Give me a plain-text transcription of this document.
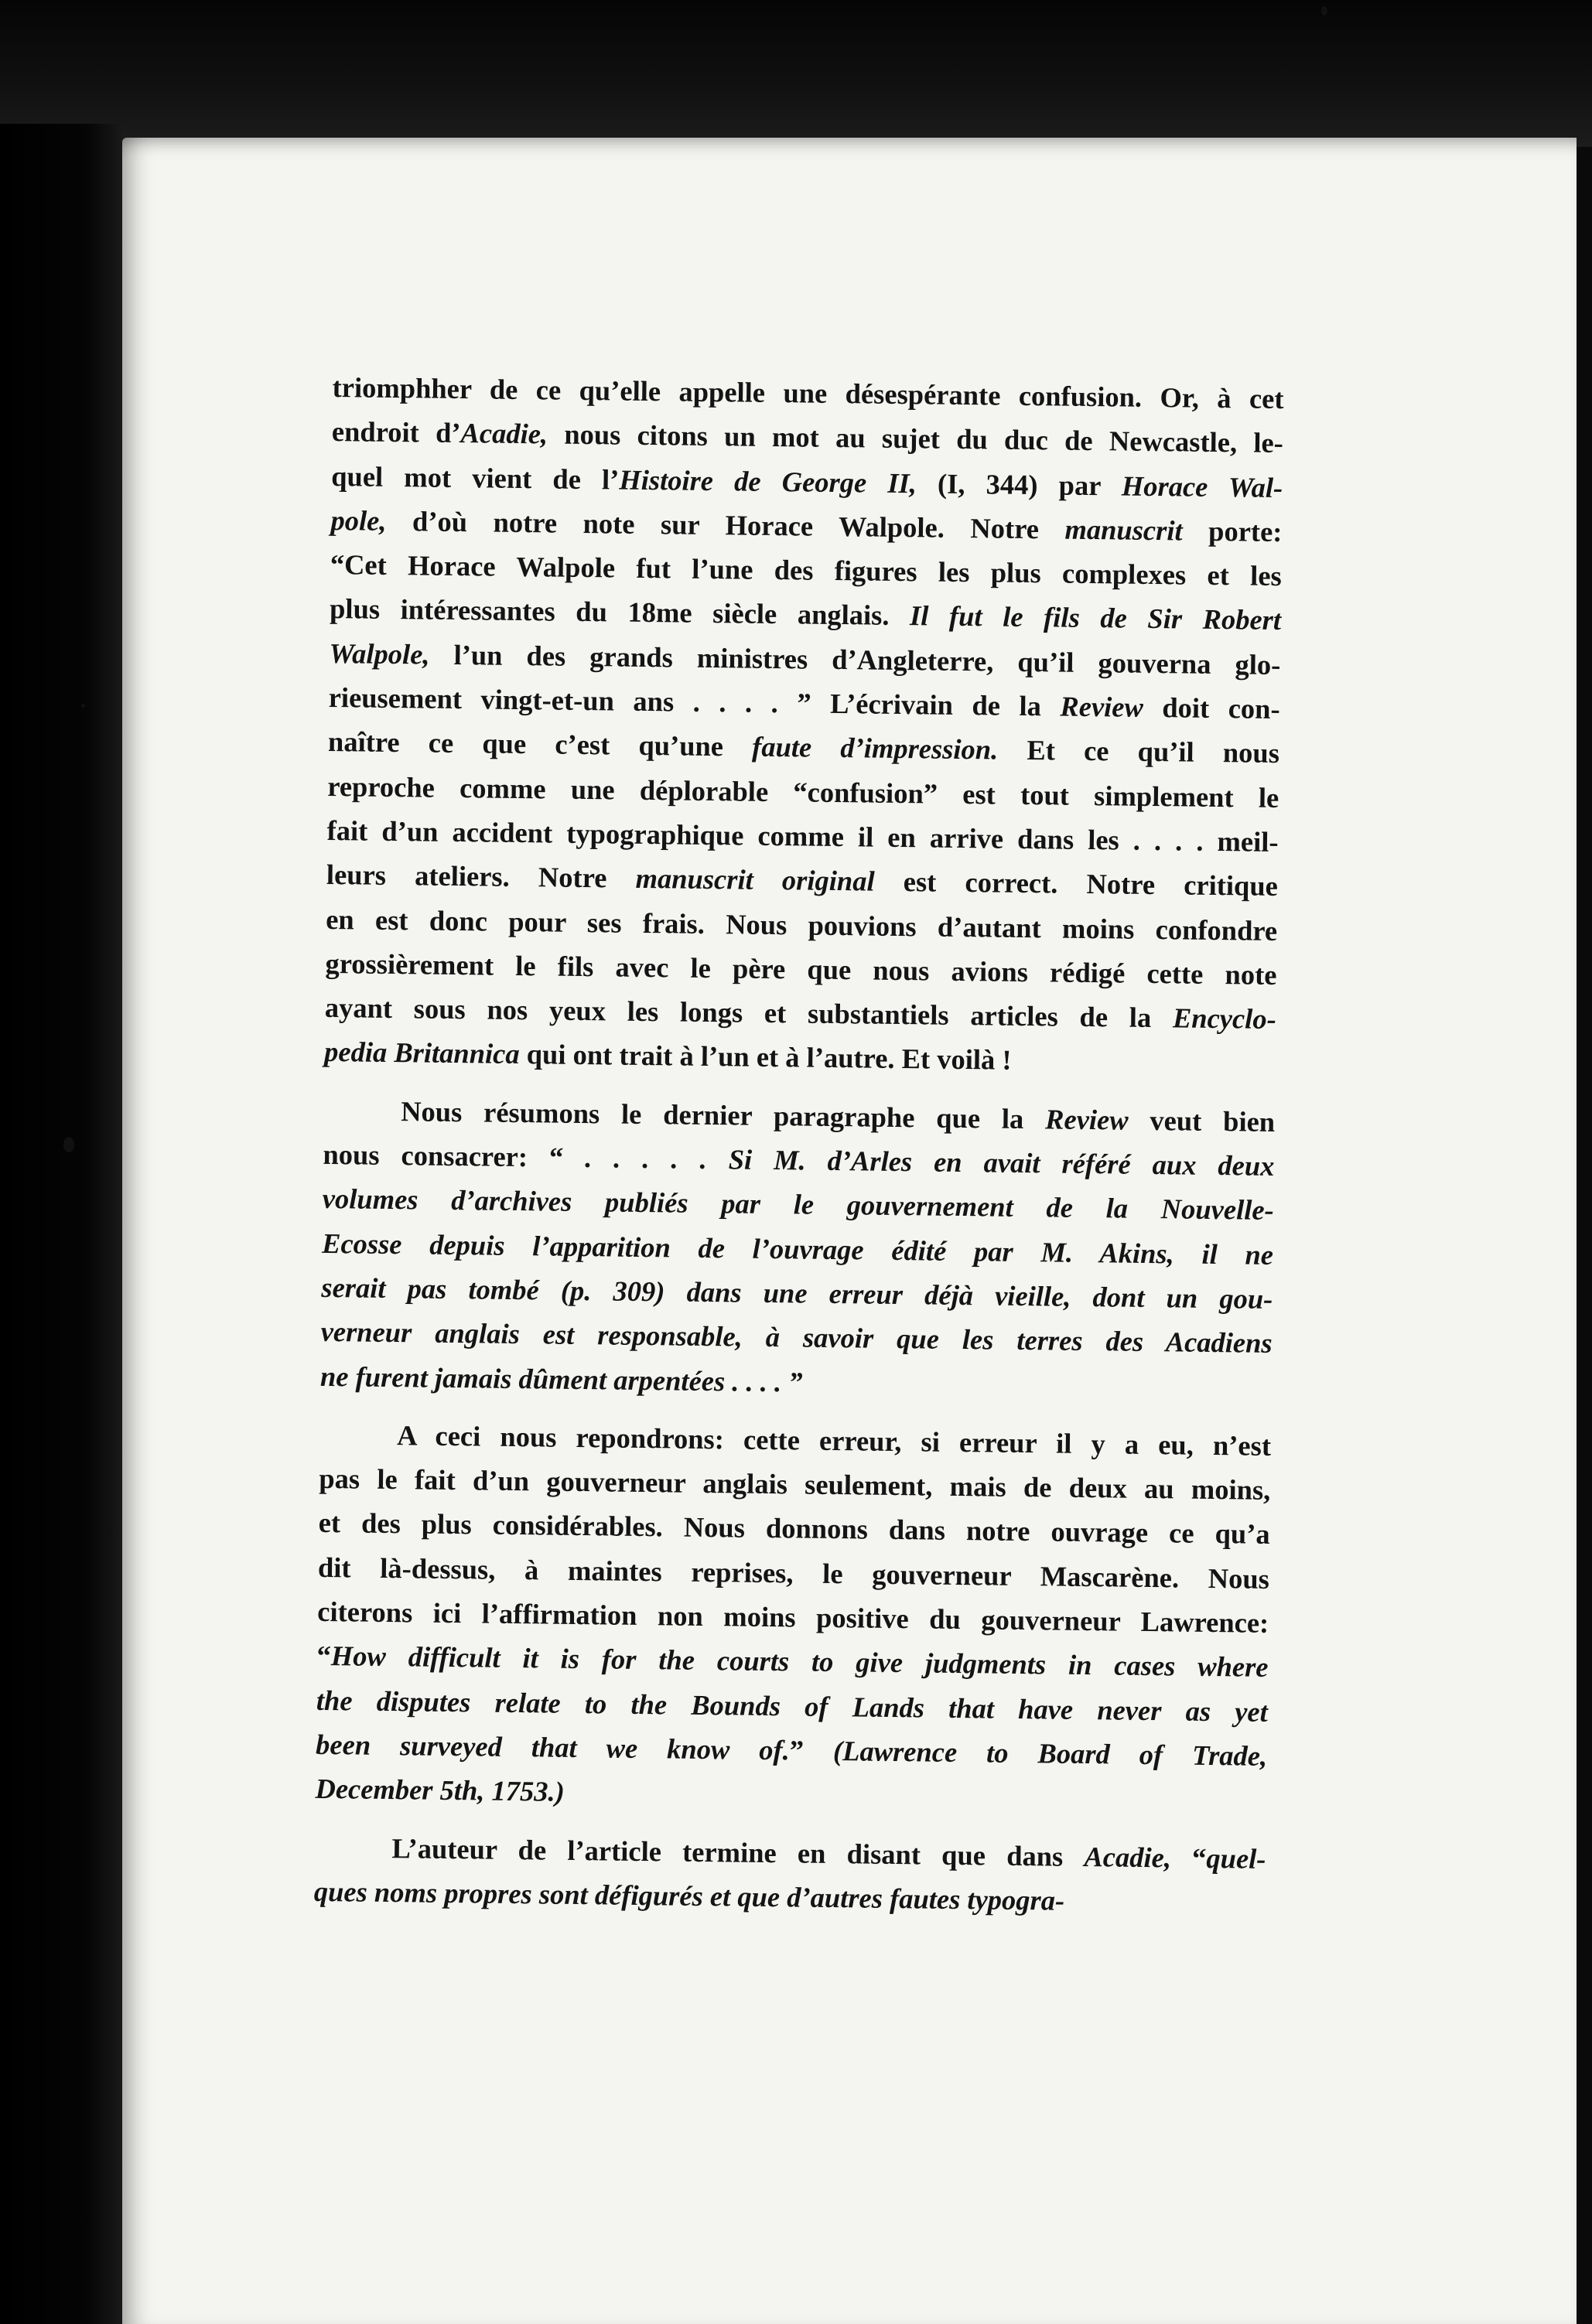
triomphher de ce qu’elle appelle une désespérante confusion. Or, à cet
endroit d’Acadie, nous citons un mot au sujet du duc de Newcastle, le-
quel mot vient de l’Histoire de George II, (I, 344) par Horace Wal-
pole, d’où notre note sur Horace Walpole. Notre manuscrit porte:
“Cet Horace Walpole fut l’une des figures les plus complexes et les
plus intéressantes du 18me siècle anglais. Il fut le fils de Sir Robert
Walpole, l’un des grands ministres d’Angleterre, qu’il gouverna glo-
rieusement vingt-et-un ans . . . . ” L’écrivain de la Review doit con-
naître ce que c’est qu’une faute d’impression. Et ce qu’il nous
reproche comme une déplorable “confusion” est tout simplement le
fait d’un accident typographique comme il en arrive dans les . . . . meil-
leurs ateliers. Notre manuscrit original est correct. Notre critique
en est donc pour ses frais. Nous pouvions d’autant moins confondre
grossièrement le fils avec le père que nous avions rédigé cette note
ayant sous nos yeux les longs et substantiels articles de la Encyclo-
pedia Britannica qui ont trait à l’un et à l’autre. Et voilà !
Nous résumons le dernier paragraphe que la Review veut bien
nous consacrer: “ . . . . . Si M. d’Arles en avait référé aux deux
volumes d’archives publiés par le gouvernement de la Nouvelle-
Ecosse depuis l’apparition de l’ouvrage édité par M. Akins, il ne
serait pas tombé (p. 309) dans une erreur déjà vieille, dont un gou-
verneur anglais est responsable, à savoir que les terres des Acadiens
ne furent jamais dûment arpentées . . . . ”
A ceci nous repondrons: cette erreur, si erreur il y a eu, n’est
pas le fait d’un gouverneur anglais seulement, mais de deux au moins,
et des plus considérables. Nous donnons dans notre ouvrage ce qu’a
dit là-dessus, à maintes reprises, le gouverneur Mascarène. Nous
citerons ici l’affirmation non moins positive du gouverneur Lawrence:
“How difficult it is for the courts to give judgments in cases where
the disputes relate to the Bounds of Lands that have never as yet
been surveyed that we know of.” (Lawrence to Board of Trade,
December 5th, 1753.)
L’auteur de l’article termine en disant que dans Acadie, “quel-
ques noms propres sont défigurés et que d’autres fautes typogra-
